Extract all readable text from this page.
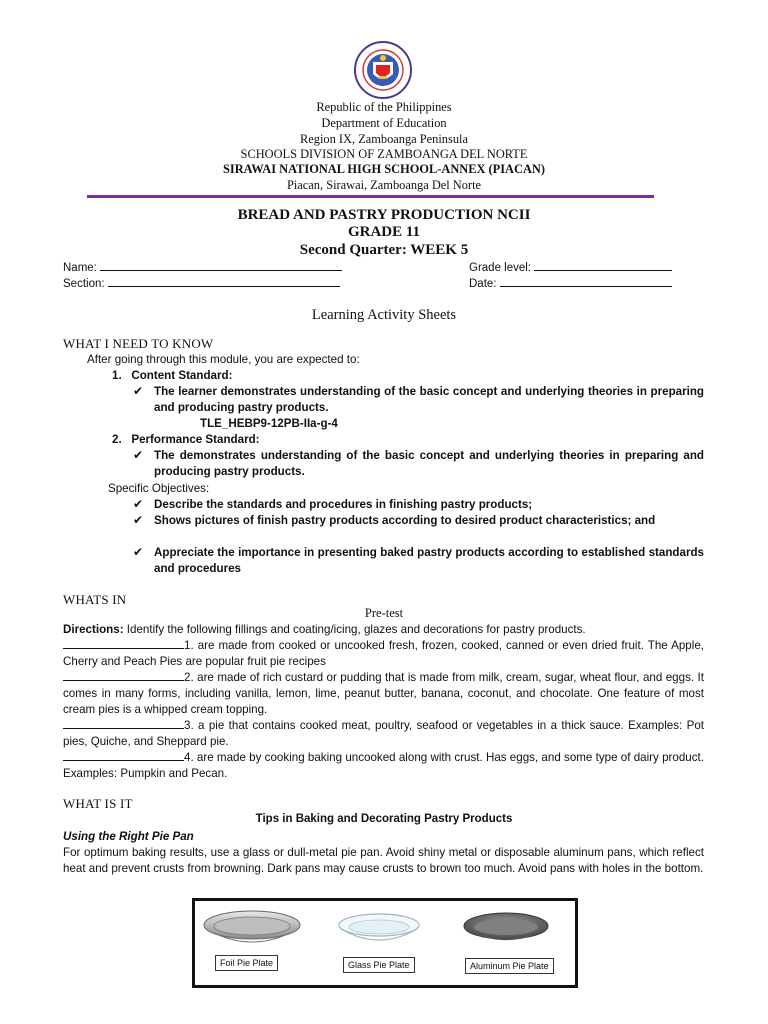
Republic of the Philippines
Department of Education
Region IX, Zamboanga Peninsula
SCHOOLS DIVISION OF ZAMBOANGA DEL NORTE
SIRAWAI NATIONAL HIGH SCHOOL-ANNEX (PIACAN)
Piacan, Sirawai, Zamboanga Del Norte
BREAD AND PASTRY PRODUCTION NCII
GRADE 11
Second Quarter: WEEK 5
Name:	Grade level:
Section:	Date:
Learning Activity Sheets
WHAT I NEED TO KNOW
After going through this module, you are expected to:
1.   Content Standard:
✔ The learner demonstrates understanding of the basic concept and underlying theories in preparing and producing pastry products.
TLE_HEBP9-12PB-IIa-g-4
2.   Performance Standard:
✔ The demonstrates understanding of the basic concept and underlying theories in preparing and producing pastry products.
Specific Objectives:
✔ Describe the standards and procedures in finishing pastry products;
✔ Shows pictures of finish pastry products according to desired product characteristics; and
✔ Appreciate the importance in presenting baked pastry products according to established standards and procedures
WHATS IN
Pre-test
Directions: Identify the following fillings and coating/icing, glazes and decorations for pastry products.
1. are made from cooked or uncooked fresh, frozen, cooked, canned or even dried fruit. The Apple, Cherry and Peach Pies are popular fruit pie recipes
2. are made of rich custard or pudding that is made from milk, cream, sugar, wheat flour, and eggs. It comes in many forms, including vanilla, lemon, lime, peanut butter, banana, coconut, and chocolate. One feature of most cream pies is a whipped cream topping.
3. a pie that contains cooked meat, poultry, seafood or vegetables in a thick sauce. Examples: Pot pies, Quiche, and Sheppard pie.
4. are made by cooking baking uncooked along with crust. Has eggs, and some type of dairy product. Examples: Pumpkin and Pecan.
WHAT IS IT
Tips in Baking and Decorating Pastry Products
Using the Right Pie Pan
For optimum baking results, use a glass or dull-metal pie pan. Avoid shiny metal or disposable aluminum pans, which reflect heat and prevent crusts from browning. Dark pans may cause crusts to brown too much. Avoid pans with holes in the bottom.
Foil Pie Plate	Glass Pie Plate	Aluminum Pie Plate
